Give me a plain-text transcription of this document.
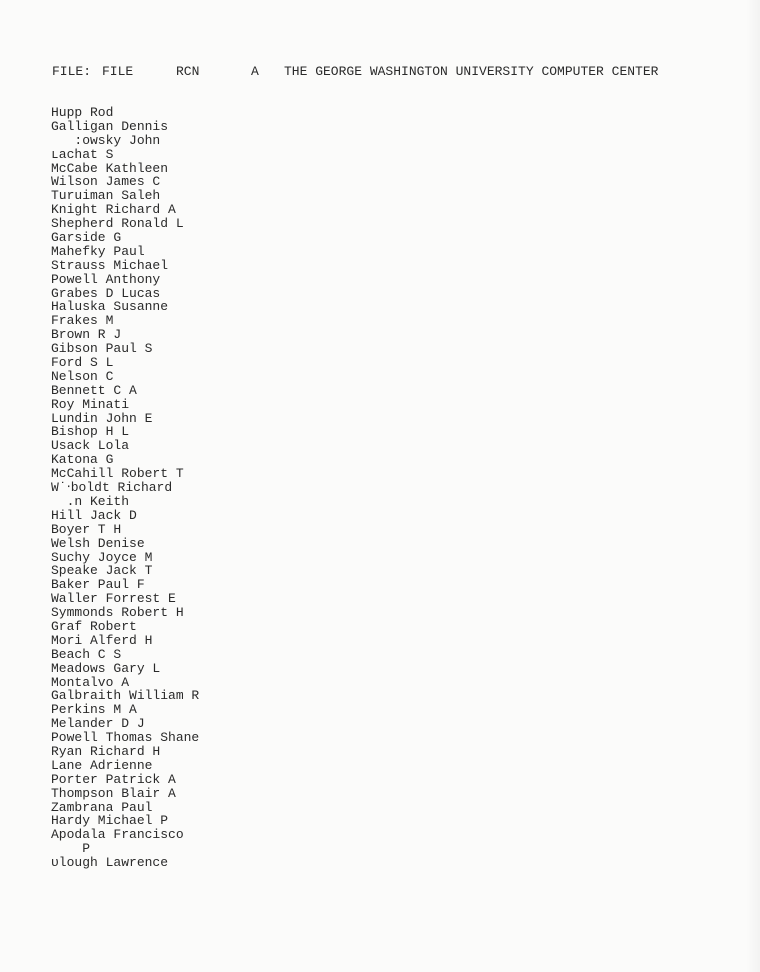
FILE:

FILE

	RCN

	A

THE GEORGE WASHINGTON UNIVERSITY COMPUTER CENTER

Hupp Rod
Galligan Dennis
:owsky John
ʟachat S
McCabe Kathleen
Wilson James C
Turuiman Saleh
Knight Richard A
Shepherd Ronald L
Garside G
Mahefky Paul
Strauss Michael
Powell Anthony
Grabes D Lucas
Haluska Susanne
Frakes M
Brown R J
Gibson Paul S
Ford S L
Nelson C
Bennett C A
Roy Minati
Lundin John E
Bishop H L
Usack Lola
Katona G
McCahill Robert T
W˙‧boldt Richard
.n Keith
Hill Jack D
Boyer T H
Welsh Denise
Suchy Joyce M
Speake Jack T
Baker Paul F
Waller Forrest E
Symmonds Robert H
Graf Robert
Mori Alferd H
Beach C S
Meadows Gary L
Montalvo A
Galbraith William R
Perkins M A
Melander D J
Powell Thomas Shane
Ryan Richard H
Lane Adrienne
Porter Patrick A
Thompson Blair A
Zambrana Paul
Hardy Michael P
Apodala Francisco
P
ᴜlough Lawrence
